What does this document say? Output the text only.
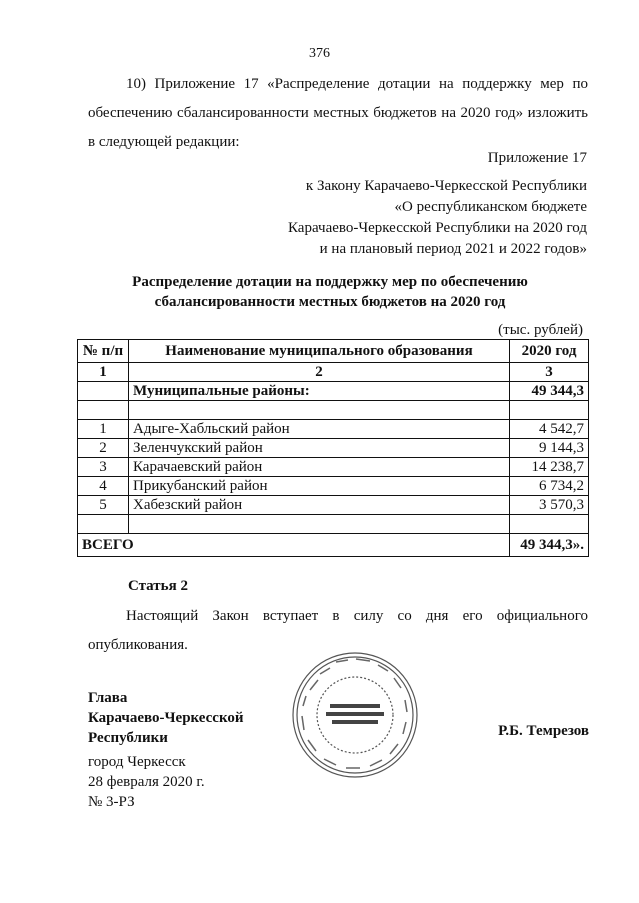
376
10) Приложение 17 «Распределение дотации на поддержку мер по
обеспечению сбалансированности местных бюджетов на 2020 год» изложить
в следующей редакции:
Приложение 17
к Закону Карачаево-Черкесской Республики
«О республиканском бюджете
Карачаево-Черкесской Республики на 2020 год
и на плановый период 2021 и 2022 годов»
Распределение дотации на поддержку мер по обеспечению
сбалансированности местных бюджетов на 2020 год
(тыс. рублей)
№ п/п	Наименование муниципального образования	2020 год
1	2	3
	Муниципальные районы:	49 344,3

1	Адыге-Хабльский район	4 542,7
2	Зеленчукский район	9 144,3
3	Карачаевский район	14 238,7
4	Прикубанский район	6 734,2
5	Хабезский район	3 570,3

ВСЕГО		49 344,3».
Статья 2
Настоящий Закон вступает в силу со дня его официального
опубликования.
Глава
Карачаево-Черкесской
Республики	Р.Б. Темрезов
город Черкесск
28 февраля 2020 г.
№ 3-РЗ
